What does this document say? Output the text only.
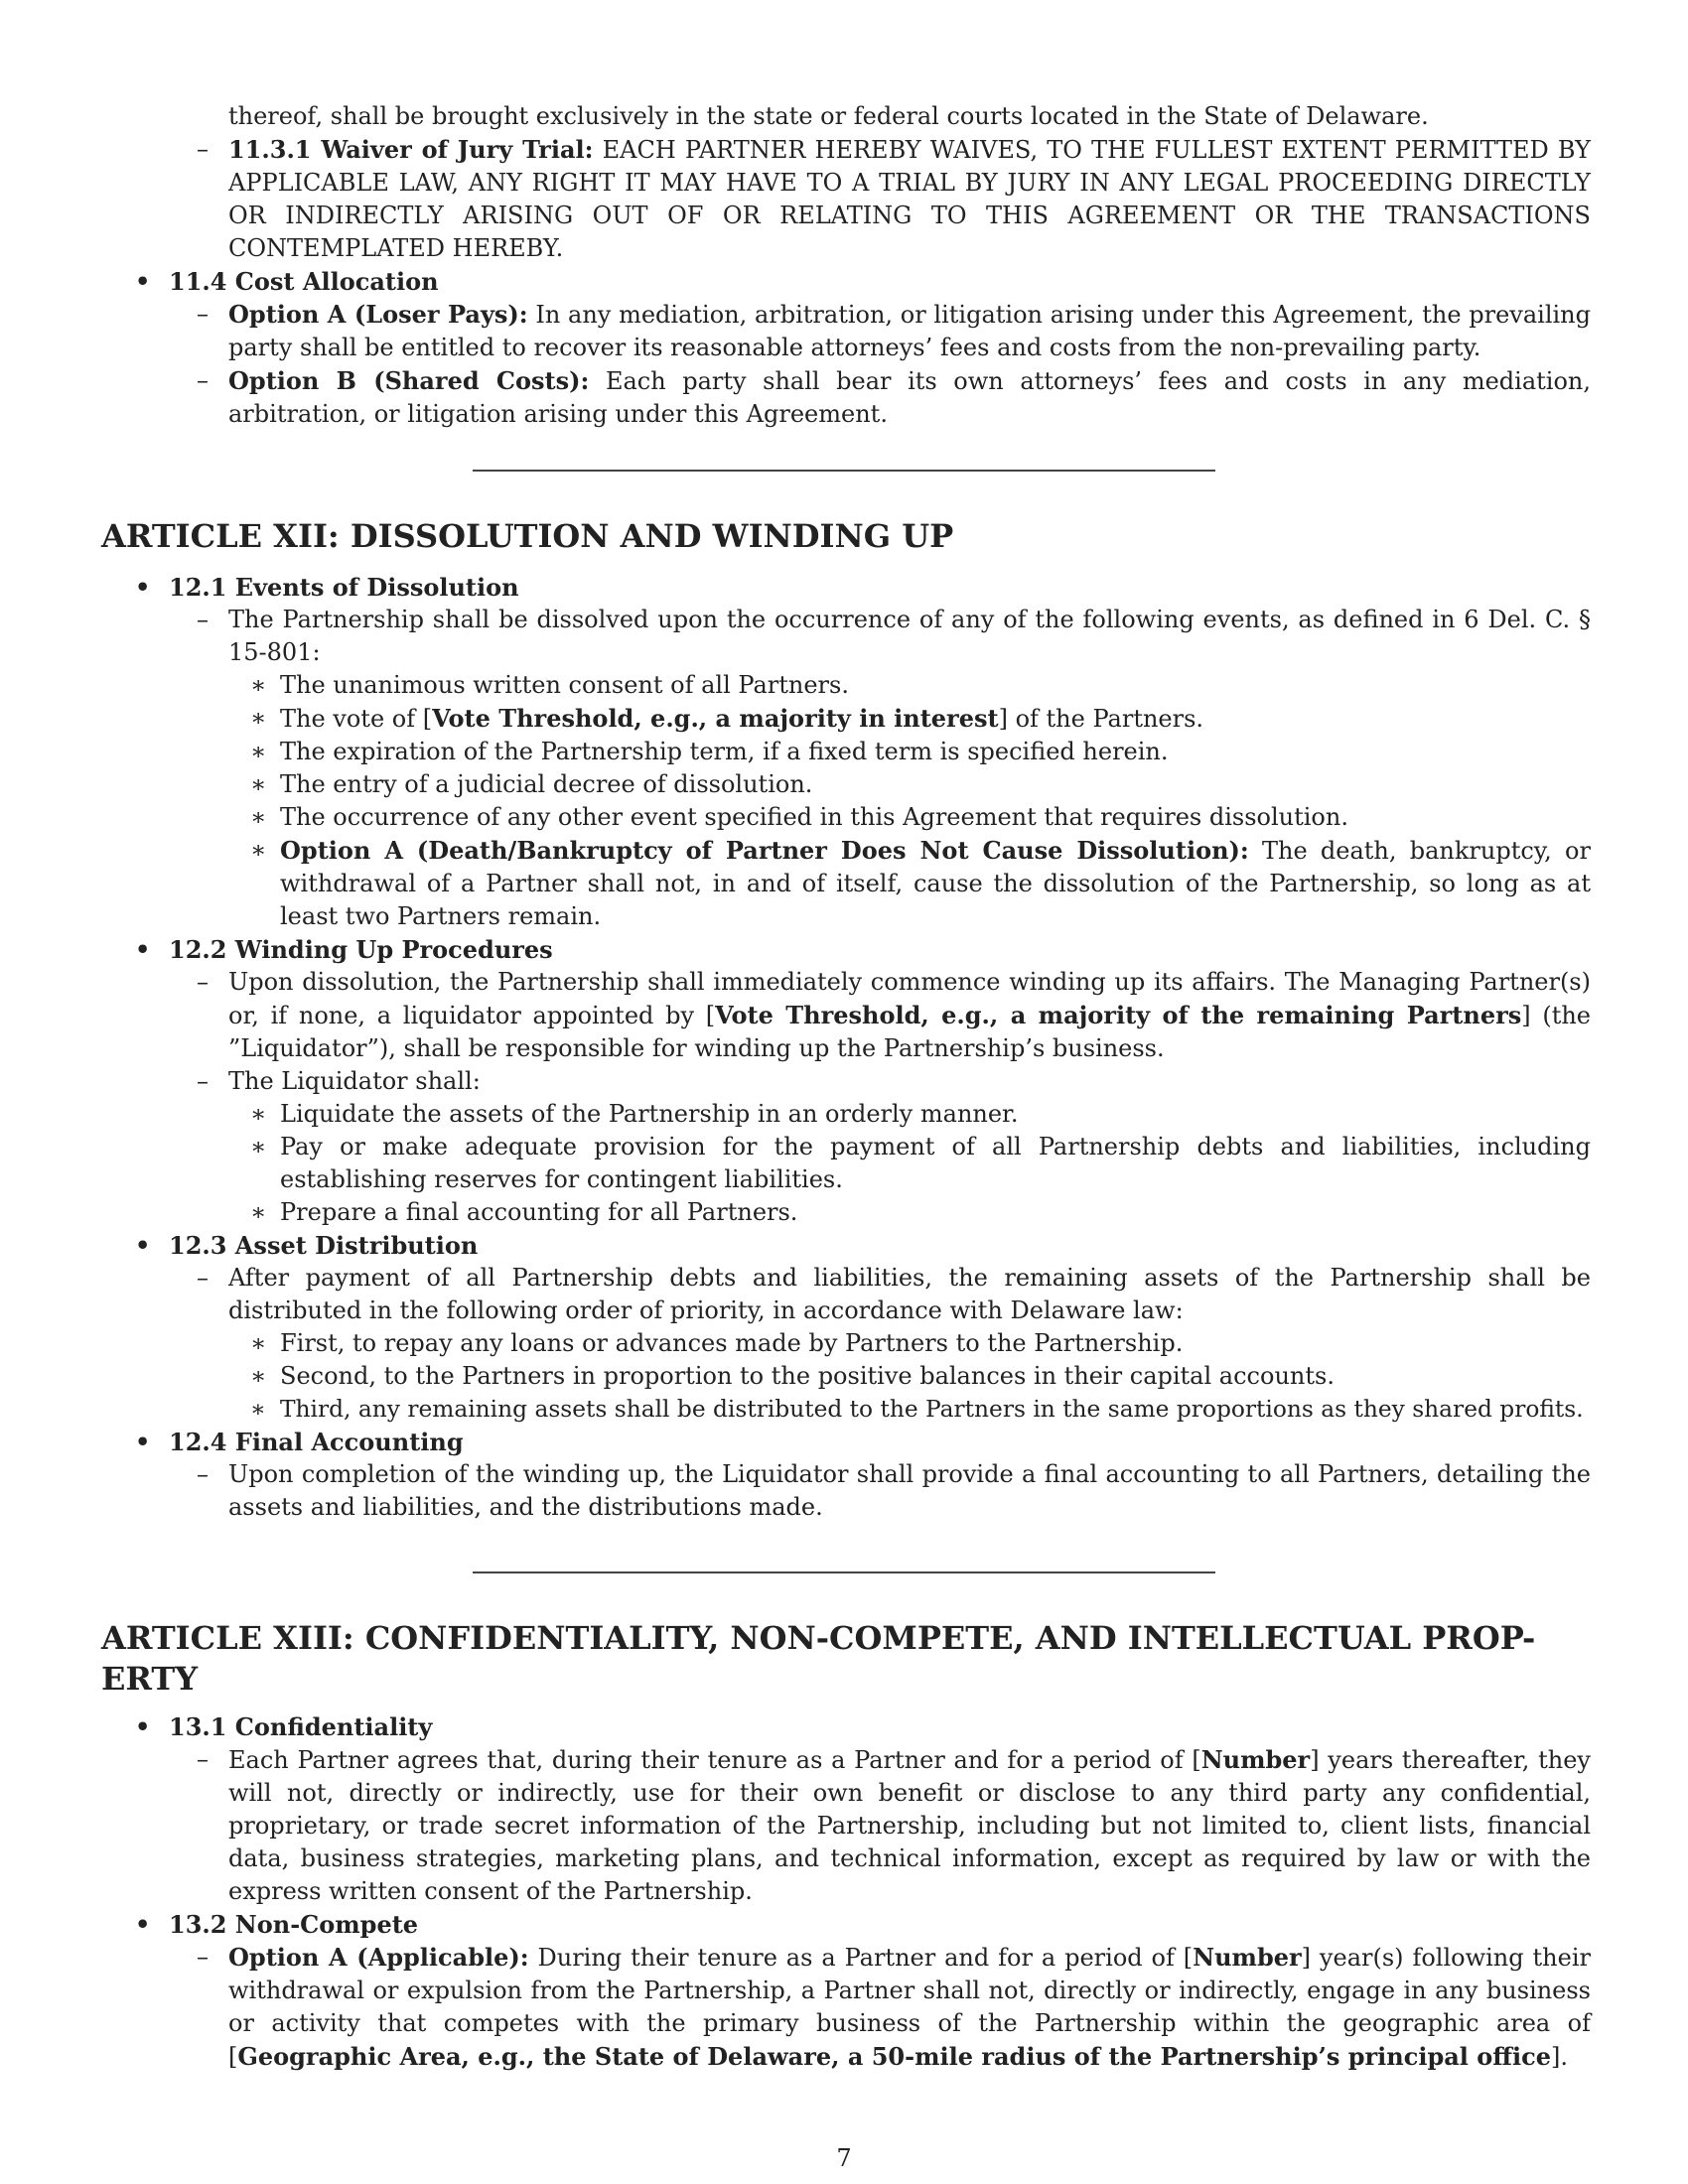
thereof, shall be brought exclusively in the state or federal courts located in the State of Delaware.
– 11.3.1 Waiver of Jury Trial: EACH PARTNER HEREBY WAIVES, TO THE FULLEST EXTENT PERMITTED BY APPLICABLE LAW, ANY RIGHT IT MAY HAVE TO A TRIAL BY JURY IN ANY LEGAL PROCEEDING DIRECTLY OR INDIRECTLY ARISING OUT OF OR RELATING TO THIS AGREEMENT OR THE TRANSACTIONS CONTEMPLATED HEREBY.
• 11.4 Cost Allocation
– Option A (Loser Pays): In any mediation, arbitration, or litigation arising under this Agreement, the prevailing party shall be entitled to recover its reasonable attorneys’ fees and costs from the non-prevailing party.
– Option B (Shared Costs): Each party shall bear its own attorneys’ fees and costs in any mediation, arbitration, or litigation arising under this Agreement.
ARTICLE XII: DISSOLUTION AND WINDING UP
• 12.1 Events of Dissolution
– The Partnership shall be dissolved upon the occurrence of any of the following events, as defined in 6 Del. C. § 15-801:
∗ The unanimous written consent of all Partners.
∗ The vote of [Vote Threshold, e.g., a majority in interest] of the Partners.
∗ The expiration of the Partnership term, if a fixed term is specified herein.
∗ The entry of a judicial decree of dissolution.
∗ The occurrence of any other event specified in this Agreement that requires dissolution.
∗ Option A (Death/Bankruptcy of Partner Does Not Cause Dissolution): The death, bankruptcy, or withdrawal of a Partner shall not, in and of itself, cause the dissolution of the Partnership, so long as at least two Partners remain.
• 12.2 Winding Up Procedures
– Upon dissolution, the Partnership shall immediately commence winding up its affairs. The Managing Partner(s) or, if none, a liquidator appointed by [Vote Threshold, e.g., a majority of the remaining Partners] (the ”Liquidator”), shall be responsible for winding up the Partnership’s business.
– The Liquidator shall:
∗ Liquidate the assets of the Partnership in an orderly manner.
∗ Pay or make adequate provision for the payment of all Partnership debts and liabilities, including establishing reserves for contingent liabilities.
∗ Prepare a final accounting for all Partners.
• 12.3 Asset Distribution
– After payment of all Partnership debts and liabilities, the remaining assets of the Partnership shall be distributed in the following order of priority, in accordance with Delaware law:
∗ First, to repay any loans or advances made by Partners to the Partnership.
∗ Second, to the Partners in proportion to the positive balances in their capital accounts.
∗ Third, any remaining assets shall be distributed to the Partners in the same proportions as they shared profits.
• 12.4 Final Accounting
– Upon completion of the winding up, the Liquidator shall provide a final accounting to all Partners, detailing the assets and liabilities, and the distributions made.
ARTICLE XIII: CONFIDENTIALITY, NON-COMPETE, AND INTELLECTUAL PROP-
ERTY
• 13.1 Confidentiality
– Each Partner agrees that, during their tenure as a Partner and for a period of [Number] years thereafter, they will not, directly or indirectly, use for their own benefit or disclose to any third party any confidential, proprietary, or trade secret information of the Partnership, including but not limited to, client lists, financial data, business strategies, marketing plans, and technical information, except as required by law or with the express written consent of the Partnership.
• 13.2 Non-Compete
– Option A (Applicable): During their tenure as a Partner and for a period of [Number] year(s) following their withdrawal or expulsion from the Partnership, a Partner shall not, directly or indirectly, engage in any business or activity that competes with the primary business of the Partnership within the geographic area of [Geographic Area, e.g., the State of Delaware, a 50-mile radius of the Partnership’s principal office].
7
